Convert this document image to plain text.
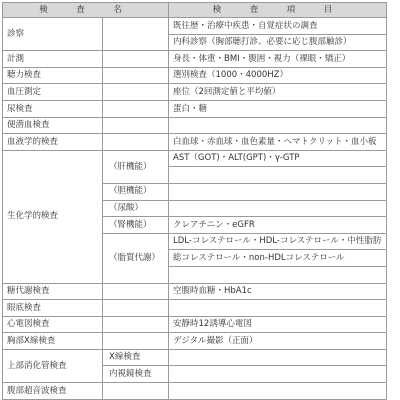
検　査　名		検　査　項　目
診察		既往歴・治療中疾患・自覚症状の調査
		内科診察（胸部聴打診、必要に応じ腹部触診）
計測		身長・体重・BMI・腹囲・視力（裸眼・矯正）
聴力検査		選別検査（1000・4000HZ）
血圧測定		座位（2回測定値と平均値）
尿検査		蛋白・糖
便潜血検査		
血液学的検査		白血球・赤血球・血色素量・ヘマトクリット・血小板
生化学的検査	（肝機能）	AST（GOT)・ALT(GPT)・γ-GTP

	（胆機能）	
	（尿酸）	
	（腎機能）	クレアチニン・eGFR
	（脂質代謝）	LDL-コレステロール・HDL-コレステロール・中性脂肪
		総コレステロール・non-HDLコレステロール

糖代謝検査		空腹時血糖・HbA1c
眼底検査		
心電図検査		安静時12誘導心電図
胸部X線検査		デジタル撮影（正面）
上部消化管検査	X線検査	
	内視鏡検査	
腹部超音波検査		
